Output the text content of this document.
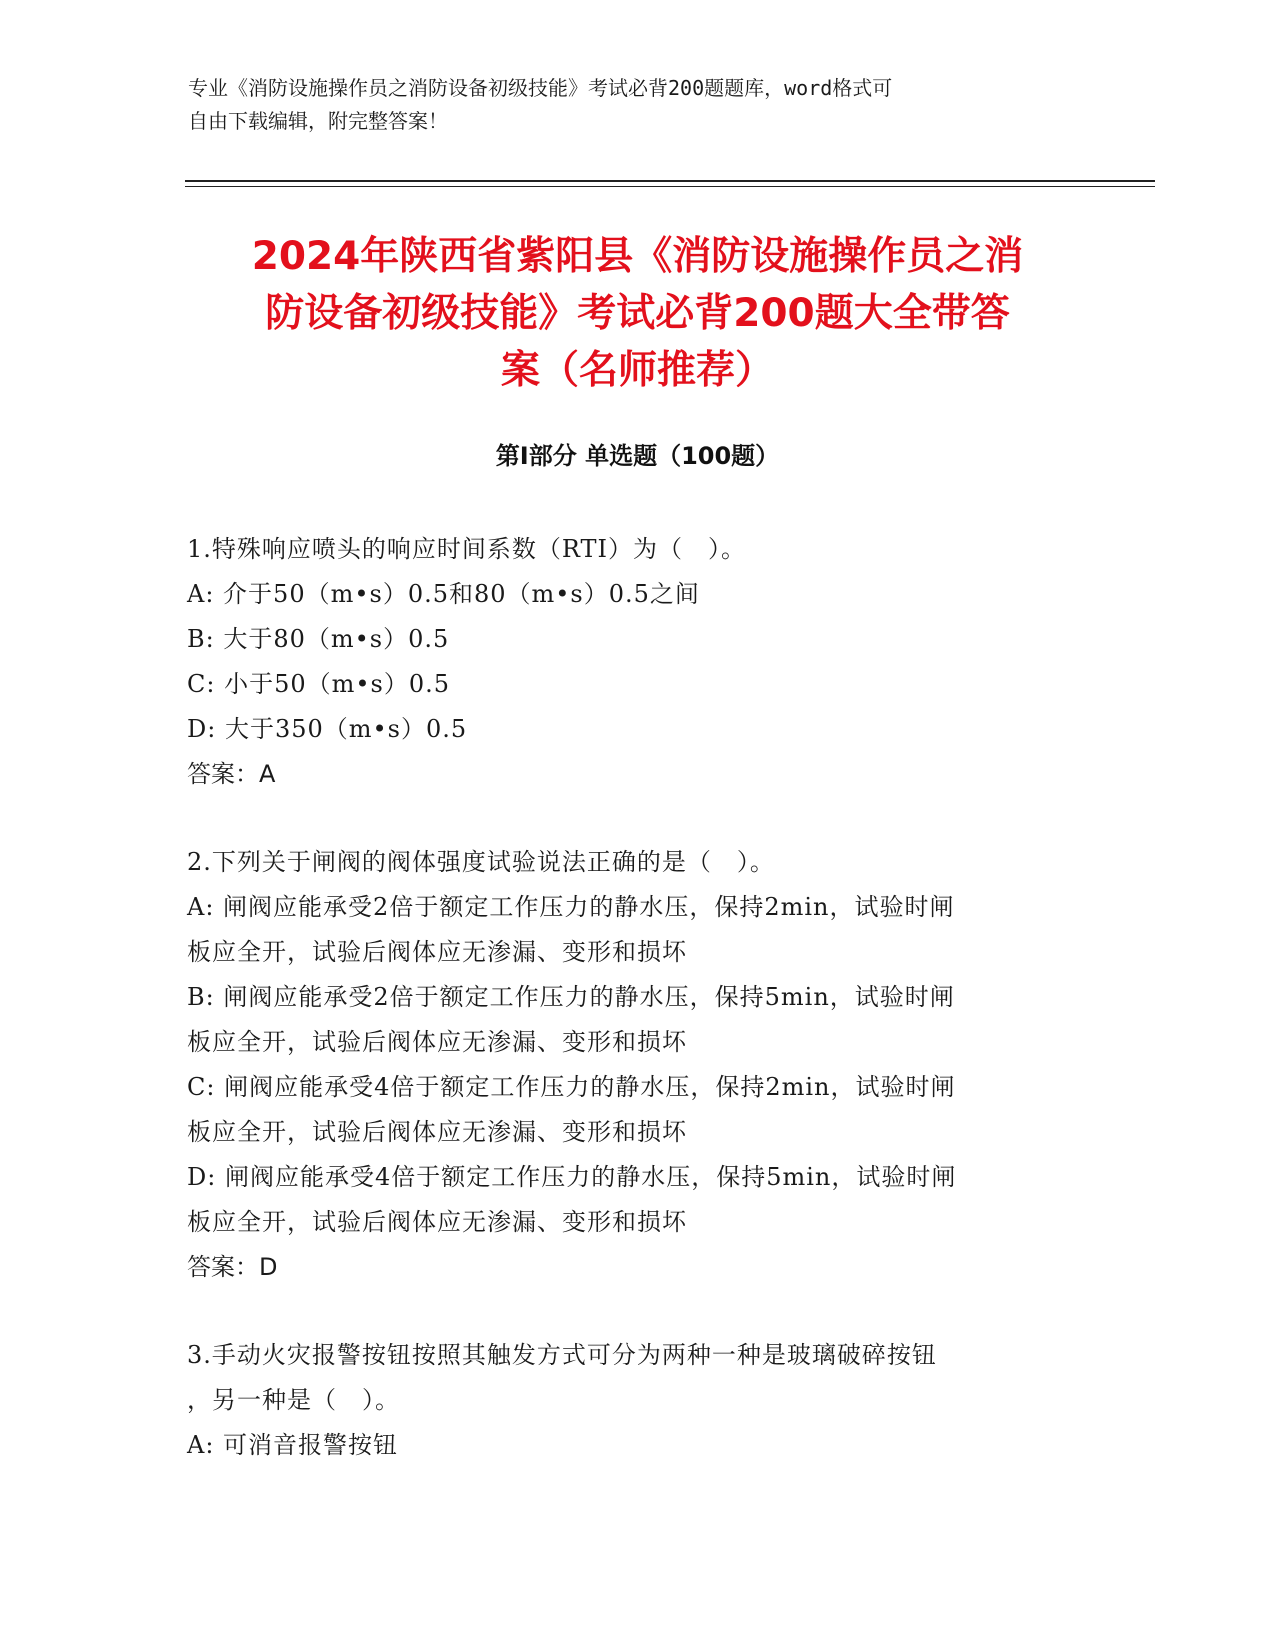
专业《消防设施操作员之消防设备初级技能》考试必背200题题库，word格式可
自由下载编辑，附完整答案！
2024年陕西省紫阳县《消防设施操作员之消
防设备初级技能》考试必背200题大全带答
案（名师推荐）
第Ⅰ部分 单选题（100题）
1.特殊响应喷头的响应时间系数（RTI）为（　）。
A: 介于50（m•s）0.5和80（m•s）0.5之间
B: 大于80（m•s）0.5
C: 小于50（m•s）0.5
D: 大于350（m•s）0.5
答案：A
2.下列关于闸阀的阀体强度试验说法正确的是（　）。
A: 闸阀应能承受2倍于额定工作压力的静水压，保持2min，试验时闸
板应全开，试验后阀体应无渗漏、变形和损坏
B: 闸阀应能承受2倍于额定工作压力的静水压，保持5min，试验时闸
板应全开，试验后阀体应无渗漏、变形和损坏
C: 闸阀应能承受4倍于额定工作压力的静水压，保持2min，试验时闸
板应全开，试验后阀体应无渗漏、变形和损坏
D: 闸阀应能承受4倍于额定工作压力的静水压，保持5min，试验时闸
板应全开，试验后阀体应无渗漏、变形和损坏
答案：D
3.手动火灾报警按钮按照其触发方式可分为两种一种是玻璃破碎按钮
，另一种是（　）。
A: 可消音报警按钮
